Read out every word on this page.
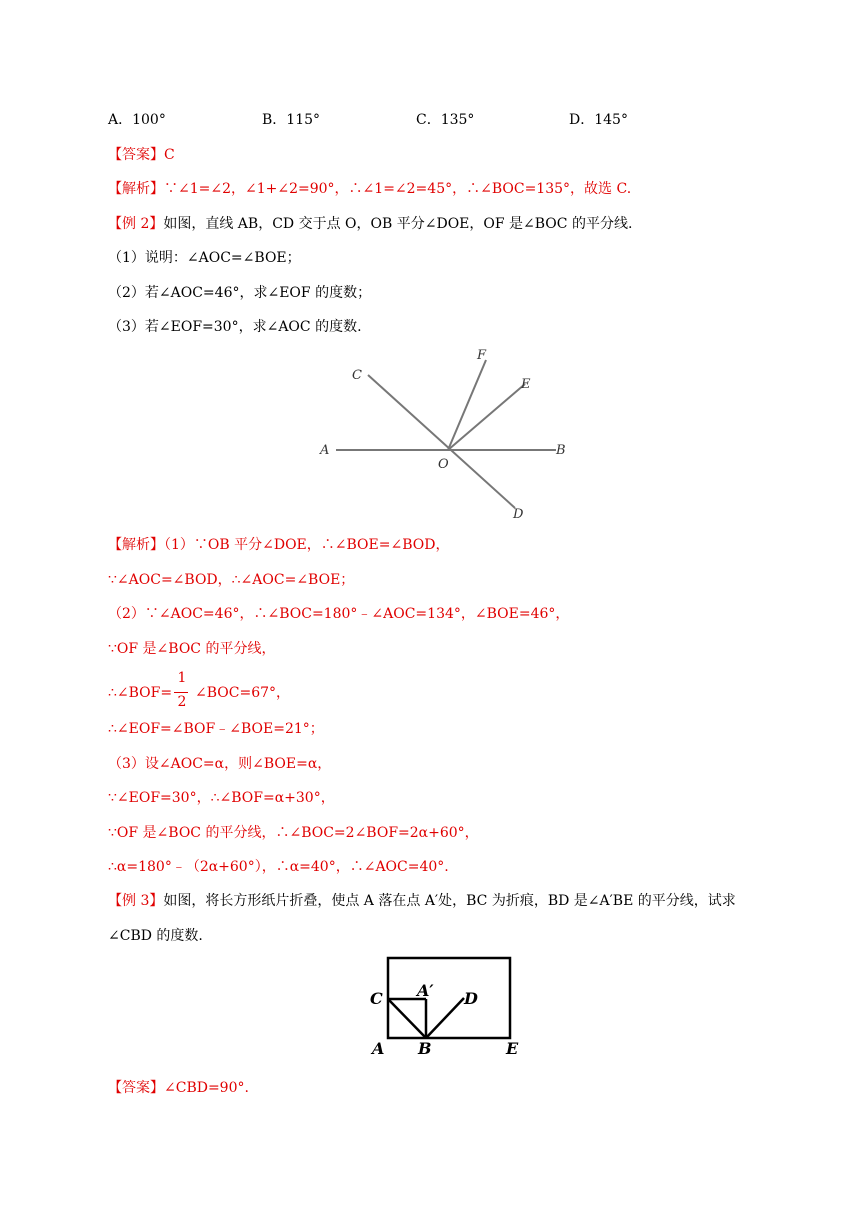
A．100°	B．115°	C．135°	D．145°
【答案】C
【解析】∵∠1=∠2，∠1+∠2=90°，∴∠1=∠2=45°，∴∠BOC=135°，故选 C.
【例 2】如图，直线 AB，CD 交于点 O，OB 平分∠DOE，OF 是∠BOC 的平分线.
（1）说明：∠AOC=∠BOE；
（2）若∠AOC=46°，求∠EOF 的度数；
（3）若∠EOF=30°，求∠AOC 的度数.
A	B
C
D
E
F
O
【解析】（1）∵OB 平分∠DOE，∴∠BOE=∠BOD，
∵∠AOC=∠BOD，∴∠AOC=∠BOE；
（2）∵∠AOC=46°，∴∠BOC=180°﹣∠AOC=134°，∠BOE=46°，
∵OF 是∠BOC 的平分线，
∴∠BOF=
1
2
∠BOC=67°，
∴∠EOF=∠BOF﹣∠BOE=21°；
（3）设∠AOC=α，则∠BOE=α，
∵∠EOF=30°，∴∠BOF=α+30°，
∵OF 是∠BOC 的平分线，∴∠BOC=2∠BOF=2α+60°，
∴α=180°﹣（2α+60°），∴α=40°，∴∠AOC=40°.
【例 3】如图，将长方形纸片折叠，使点 A 落在点 A′处，BC 为折痕，BD 是∠A′BE 的平分线，试求
∠CBD 的度数.
C A′ D
A B	E
【答案】∠CBD=90°.
